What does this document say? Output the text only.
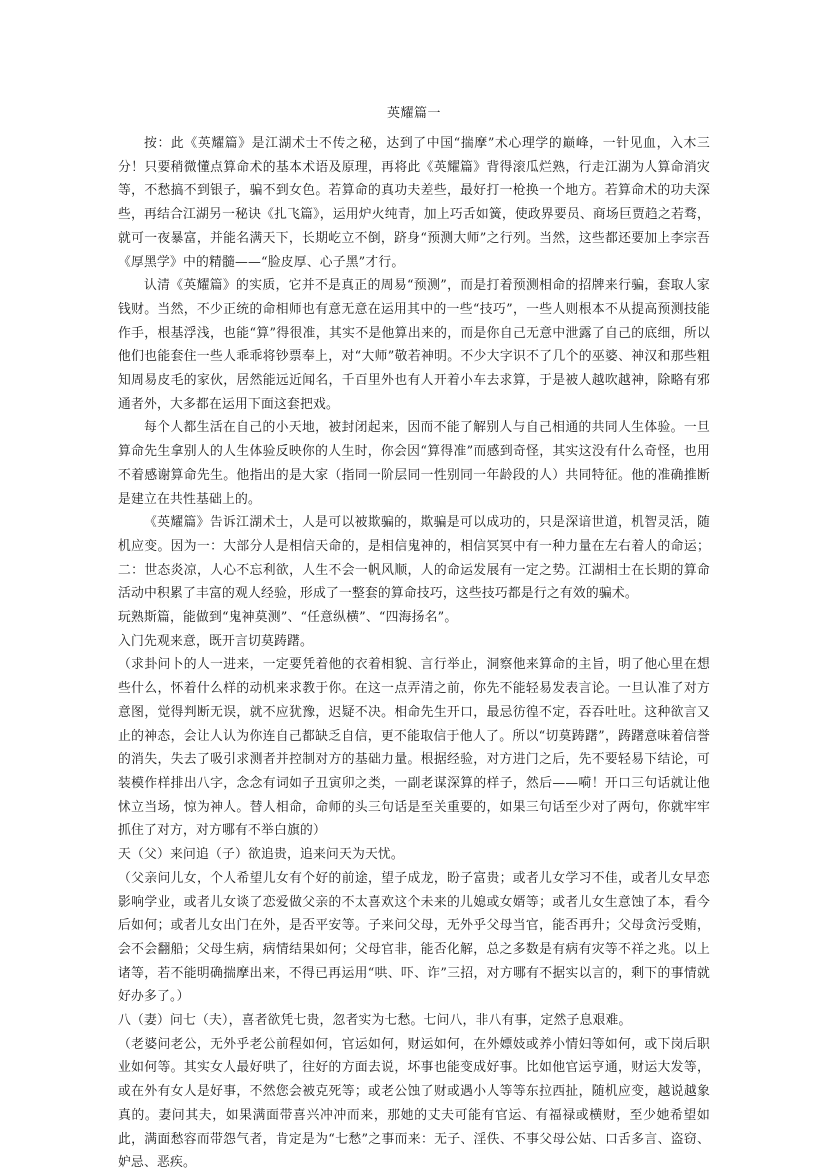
英耀篇一

按：此《英耀篇》是江湖术士不传之秘，达到了中国“揣摩”术心理学的巅峰，一针见血，入木三分！只要稍微懂点算命术的基本术语及原理，再将此《英耀篇》背得滚瓜烂熟，行走江湖为人算命消灾等，不愁搞不到银子，骗不到女色。若算命的真功夫差些，最好打一枪换一个地方。若算命术的功夫深些，再结合江湖另一秘诀《扎飞篇》，运用炉火纯青，加上巧舌如簧，使政界要员、商场巨贾趋之若骛，就可一夜暴富，并能名满天下，长期屹立不倒，跻身“预测大师”之行列。当然，这些都还要加上李宗吾《厚黑学》中的精髓——“脸皮厚、心子黑”才行。

认清《英耀篇》的实质，它并不是真正的周易“预测”，而是打着预测相命的招牌来行骗，套取人家钱财。当然，不少正统的命相师也有意无意在运用其中的一些“技巧”，一些人则根本不从提高预测技能作手，根基浮浅，也能“算”得很准，其实不是他算出来的，而是你自己无意中泄露了自己的底细，所以他们也能套住一些人乖乖将钞票奉上，对“大师”敬若神明。不少大字识不了几个的巫婆、神汉和那些粗知周易皮毛的家伙，居然能远近闻名，千百里外也有人开着小车去求算，于是被人越吹越神，除略有邪通者外，大多都在运用下面这套把戏。

每个人都生活在自己的小天地，被封闭起来，因而不能了解别人与自己相通的共同人生体验。一旦算命先生拿别人的人生体验反映你的人生时，你会因“算得准”而感到奇怪，其实这没有什么奇怪，也用不着感谢算命先生。他指出的是大家（指同一阶层同一性别同一年龄段的人）共同特征。他的准确推断是建立在共性基础上的。

《英耀篇》告诉江湖术士，人是可以被欺骗的，欺骗是可以成功的，只是深谙世道，机智灵活，随机应变。因为一：大部分人是相信天命的，是相信鬼神的，相信冥冥中有一种力量在左右着人的命运；二：世态炎凉，人心不忘利欲，人生不会一帆风顺，人的命运发展有一定之势。江湖相士在长期的算命活动中积累了丰富的观人经验，形成了一整套的算命技巧，这些技巧都是行之有效的骗术。

玩熟斯篇，能做到“鬼神莫测”、“任意纵横”、“四海扬名”。

入门先观来意，既开言切莫踌躇。

（求卦问卜的人一进来，一定要凭着他的衣着相貌、言行举止，洞察他来算命的主旨，明了他心里在想些什么，怀着什么样的动机来求教于你。在这一点弄清之前，你先不能轻易发表言论。一旦认准了对方意图，觉得判断无误，就不应犹豫，迟疑不决。相命先生开口，最忌彷徨不定，吞吞吐吐。这种欲言又止的神态，会让人认为你连自己都缺乏自信，更不能取信于他人了。所以“切莫踌躇”，踌躇意味着信誉的消失，失去了吸引求测者并控制对方的基础力量。根据经验，对方进门之后，先不要轻易下结论，可装模作样排出八字，念念有词如子丑寅卯之类，一副老谋深算的样子，然后——嗬！开口三句话就让他怵立当场，惊为神人。替人相命，命师的头三句话是至关重要的，如果三句话至少对了两句，你就牢牢抓住了对方，对方哪有不举白旗的）

天（父）来问追（子）欲追贵，追来问天为天忧。

（父亲问儿女，个人希望儿女有个好的前途，望子成龙，盼子富贵；或者儿女学习不佳，或者儿女早恋影响学业，或者儿女谈了恋爱做父亲的不太喜欢这个未来的儿媳或女婿等；或者儿女生意蚀了本，看今后如何；或者儿女出门在外，是否平安等。子来问父母，无外乎父母当官，能否再升；父母贪污受贿，会不会翻船；父母生病，病情结果如何；父母官非，能否化解，总之多数是有病有灾等不祥之兆。以上诸等，若不能明确揣摩出来，不得已再运用“哄、吓、诈”三招，对方哪有不据实以言的，剩下的事情就好办多了。）

八（妻）问七（夫），喜者欲凭七贵，忽者实为七愁。七问八，非八有事，定然子息艰难。

（老婆问老公，无外乎老公前程如何，官运如何，财运如何，在外嫖妓或养小情妇等如何，或下岗后职业如何等。其实女人最好哄了，往好的方面去说，坏事也能变成好事。比如他官运亨通，财运大发等，或在外有女人是好事，不然您会被克死等；或老公蚀了财或遇小人等等东拉西扯，随机应变，越说越象真的。妻问其夫，如果满面带喜兴冲冲而来，那她的丈夫可能有官运、有福禄或横财，至少她希望如此，满面愁容而带怨气者，肯定是为“七愁”之事而来：无子、淫佚、不事父母公姑、口舌多言、盗窃、妒忌、恶疾。
